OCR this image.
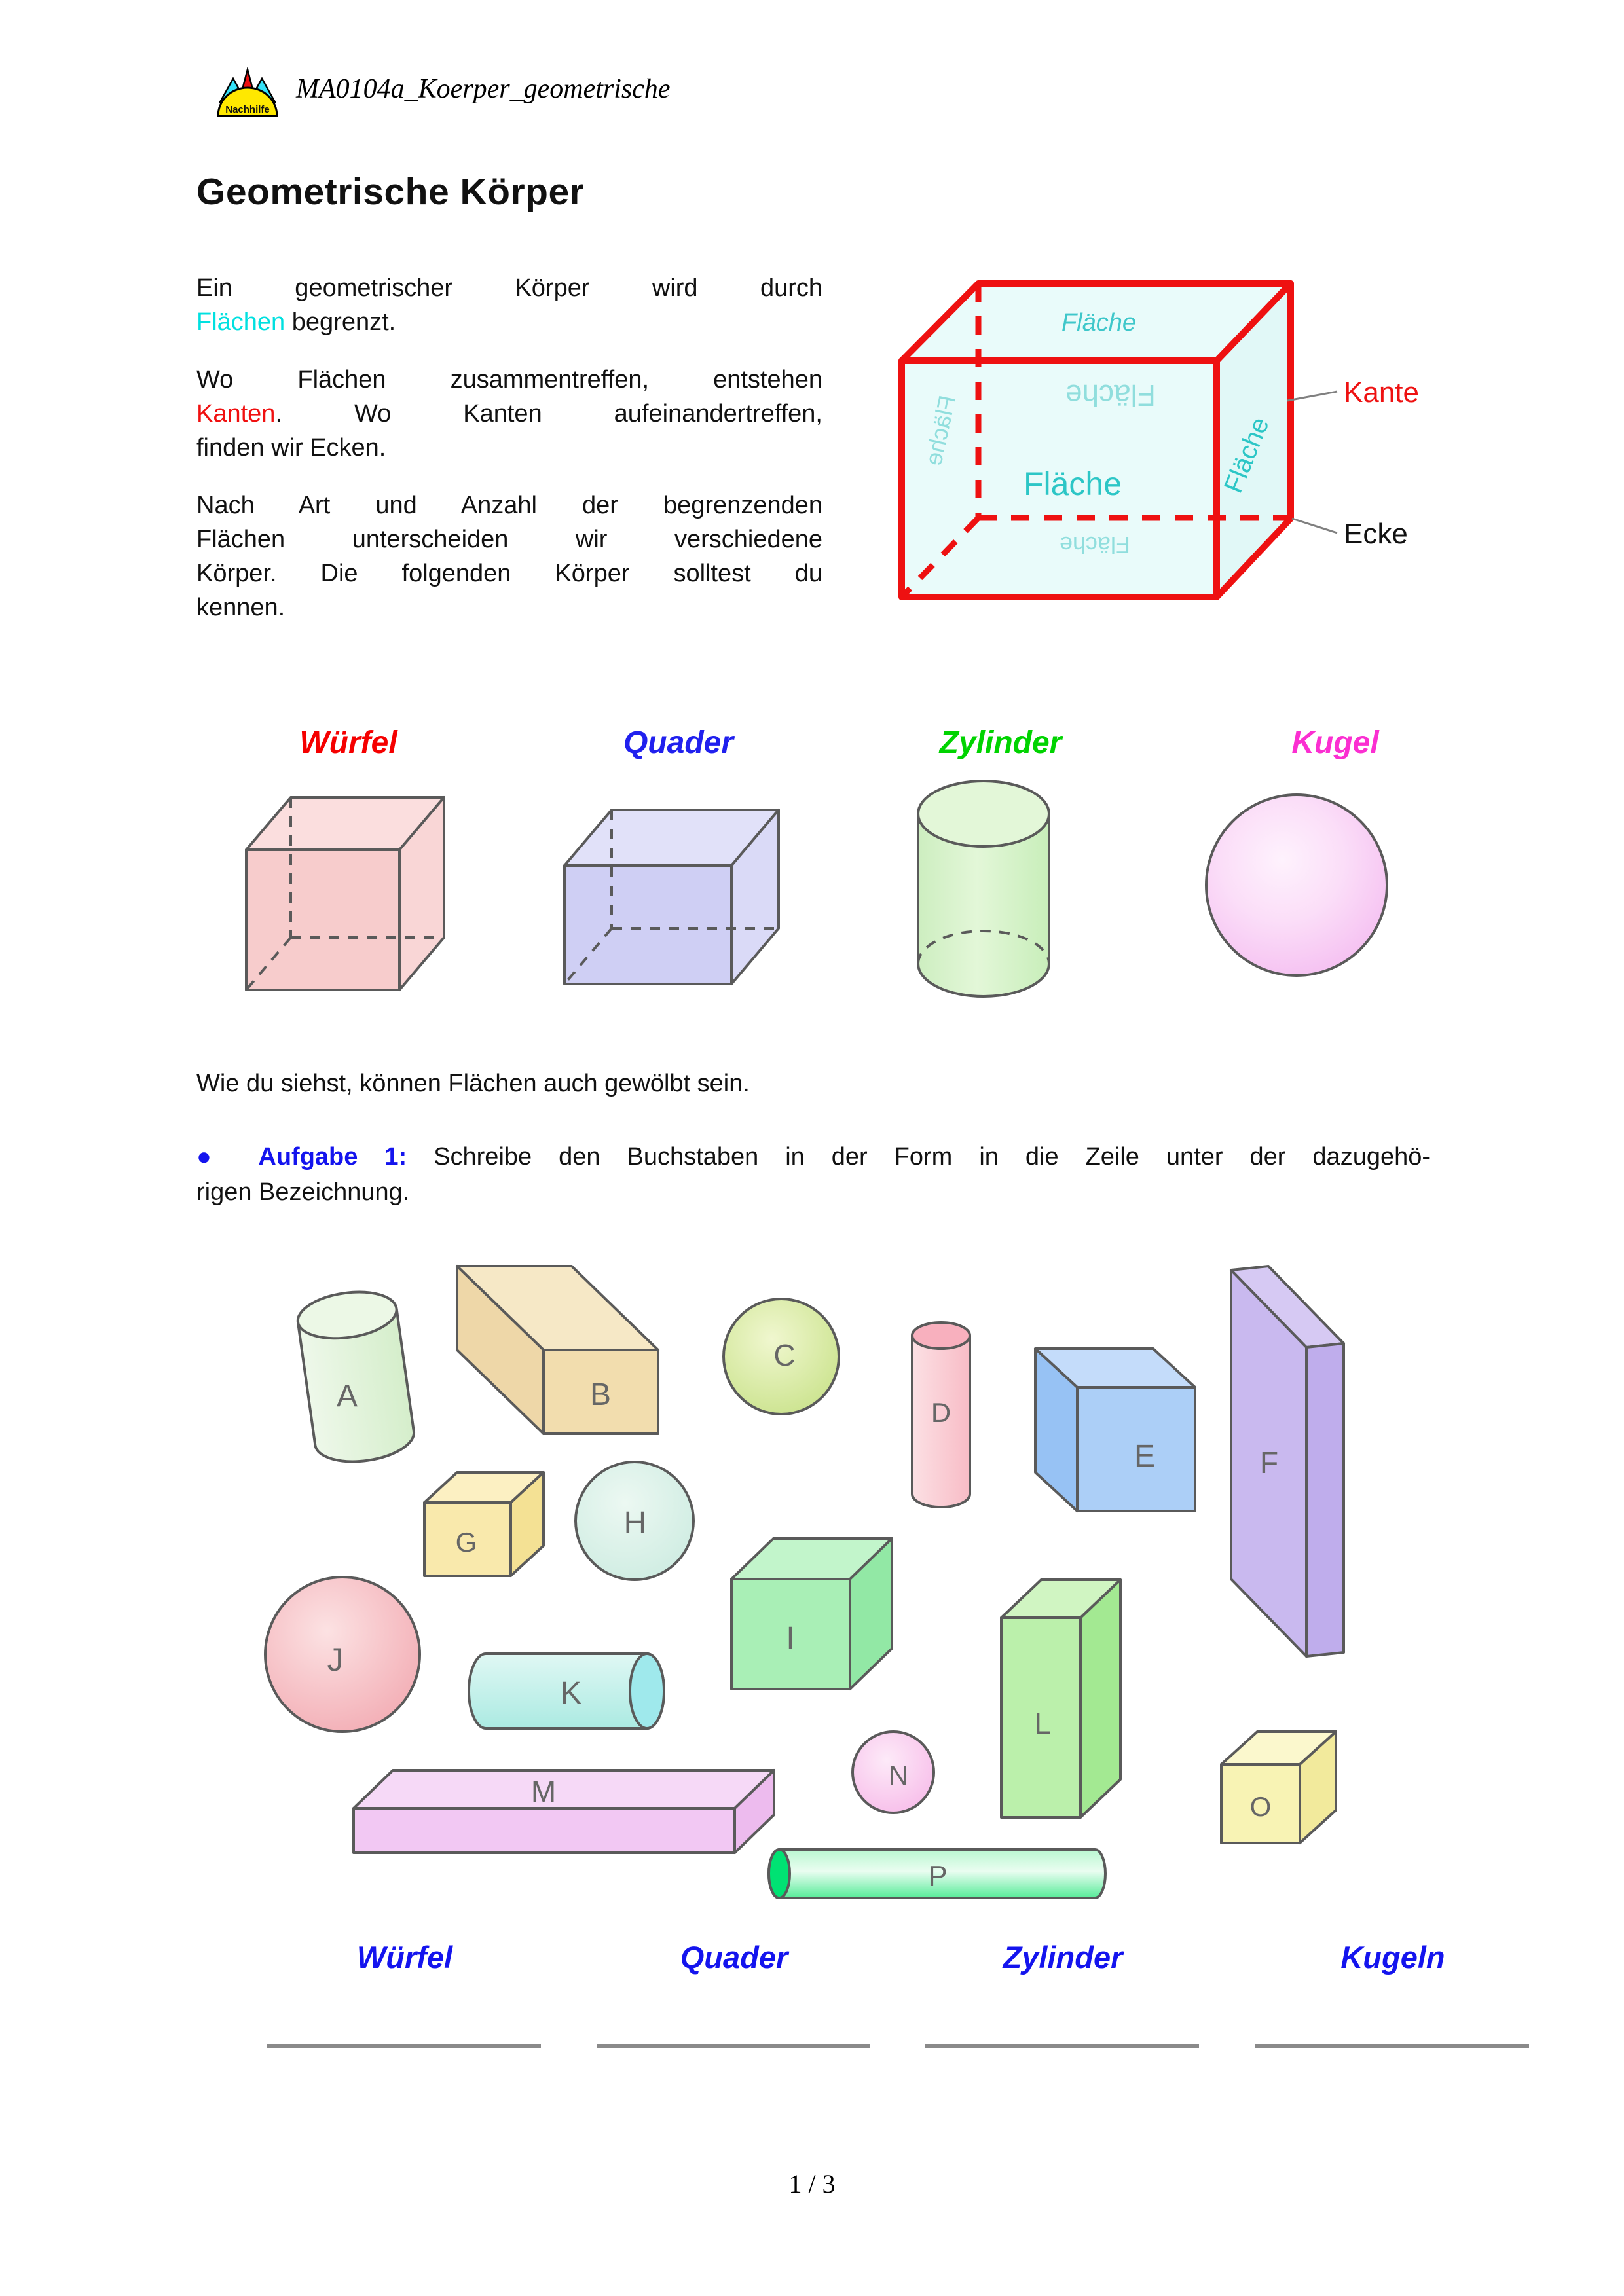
Nachhilfe
MA0104a_Koerper_geometrische
Geometrische Körper
Ein geometrischer Körper wird durch
Flächen begrenzt.
Wo Flächen zusammentreffen, entstehen
Kanten. Wo Kanten aufeinandertreffen,
finden wir Ecken.
Nach Art und Anzahl der begrenzenden
Flächen unterscheiden wir verschiedene
Körper. Die folgenden Körper solltest du
kennen.
Fläche
Fläche
Fläche
Fläche	Fläche
Fläche
Kante
Ecke
Würfel	Quader	Zylinder	Kugel
Wie du siehst, können Flächen auch gewölbt sein.
● Aufgabe 1: Schreibe den Buchstaben in der Form in die Zeile unter der dazugehö-
rigen Bezeichnung.
A	B
C
D
E	F
G
H
I
J
K
L
M	N
O
P
Würfel	Quader	Zylinder	Kugeln
1 / 3
